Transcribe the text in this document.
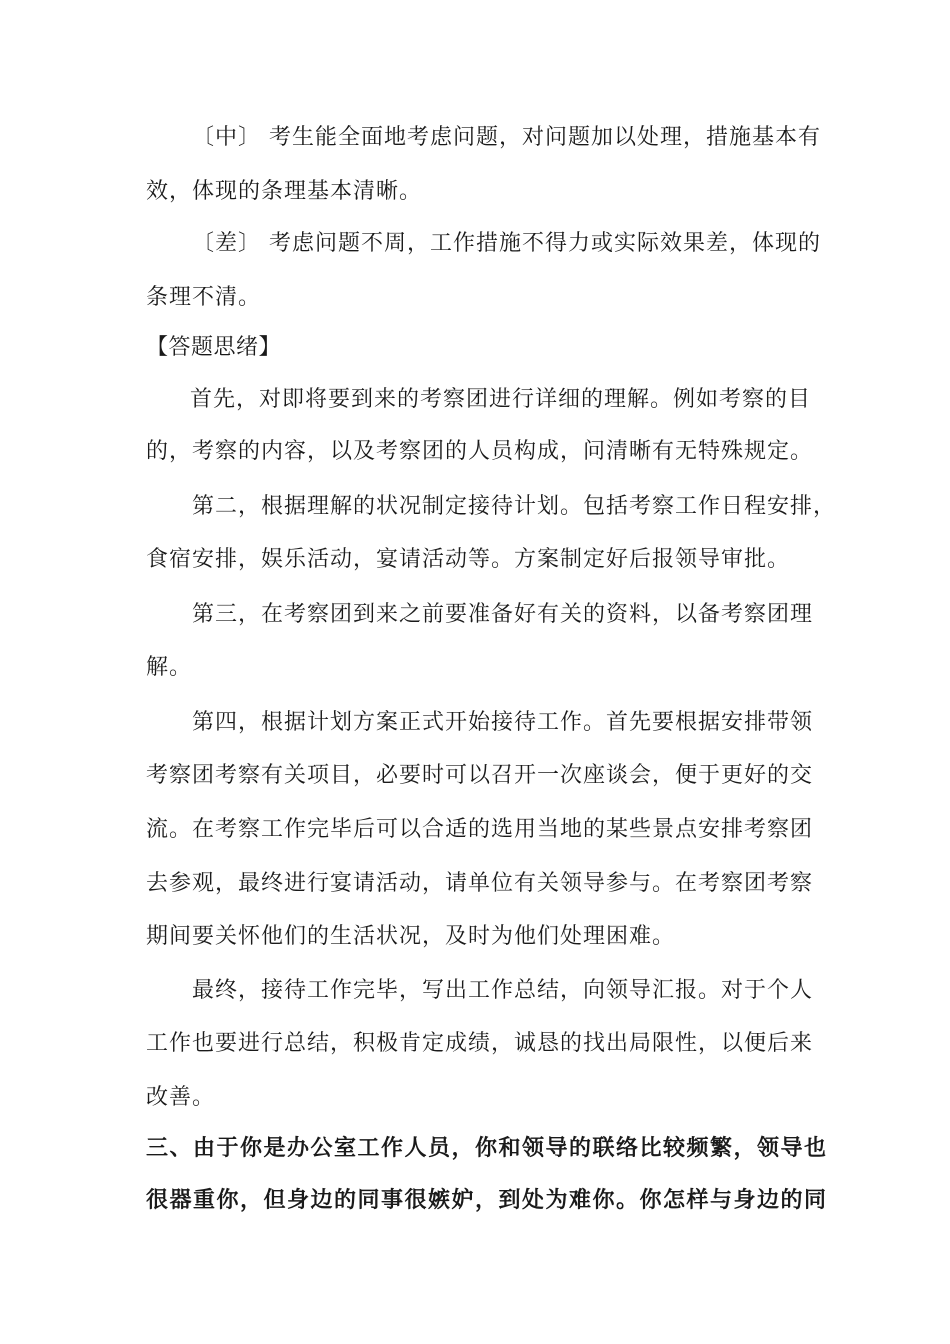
〔中〕 考生能全面地考虑问题，对问题加以处理，措施基本有
效，体现的条理基本清晰。
〔差〕 考虑问题不周，工作措施不得力或实际效果差，体现的
条理不清。
【答题思绪】
首先，对即将要到来的考察团进行详细的理解。例如考察的目
的，考察的内容，以及考察团的人员构成，问清晰有无特殊规定。
第二，根据理解的状况制定接待计划。包括考察工作日程安排，
食宿安排，娱乐活动，宴请活动等。方案制定好后报领导审批。
第三，在考察团到来之前要准备好有关的资料，以备考察团理
解。
第四，根据计划方案正式开始接待工作。首先要根据安排带领
考察团考察有关项目，必要时可以召开一次座谈会，便于更好的交
流。在考察工作完毕后可以合适的选用当地的某些景点安排考察团
去参观，最终进行宴请活动，请单位有关领导参与。在考察团考察
期间要关怀他们的生活状况，及时为他们处理困难。
最终，接待工作完毕，写出工作总结，向领导汇报。对于个人
工作也要进行总结，积极肯定成绩，诚恳的找出局限性，以便后来
改善。
三、由于你是办公室工作人员，你和领导的联络比较频繁，领导也
很器重你，但身边的同事很嫉妒，到处为难你。你怎样与身边的同
